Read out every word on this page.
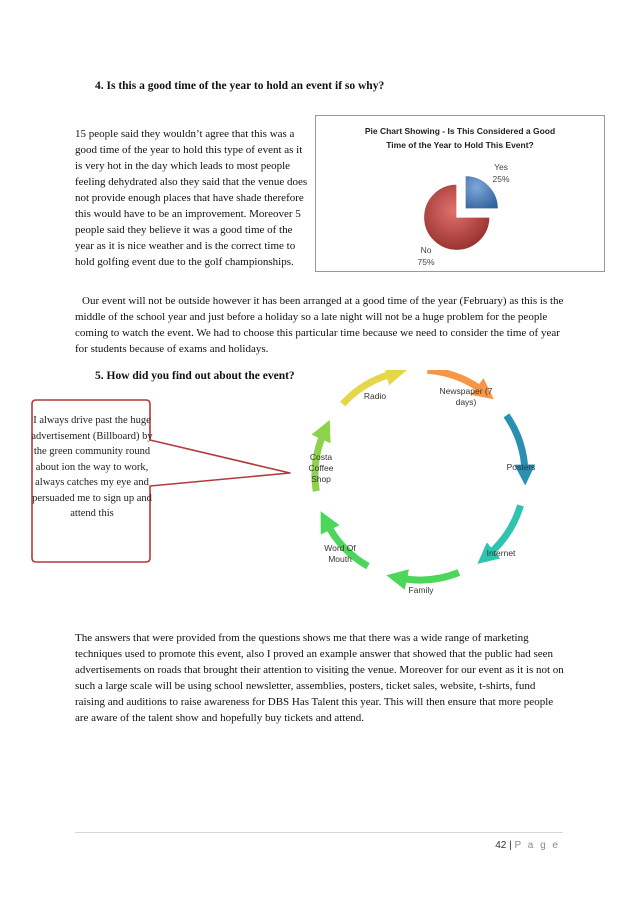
4. Is this a good time of the year to hold an event if so why?

15 people said they wouldn’t agree that this was a good time of the year to hold this type of event as it is very hot in the day which leads to most people feeling dehydrated also they said that the venue does not provide enough places that have shade therefore this would have to be an improvement. Moreover 5 people said they believe it was a good time of the year as it is nice weather and is the correct time to hold golfing event due to the golf championships.

Pie Chart Showing - Is This Considered a Good Time of the Year to Hold This Event?
Yes
25%
No
75%

Our event will not be outside however it has been arranged at a good time of the year (February) as this is the middle of the school year and just before a holiday so a late night will not be a huge problem for the people coming to watch the event. We had to choose this particular time because we need to consider the time of year for students because of exams and holidays.

5. How did you find out about the event?
I always drive past the huge advertisement (Billboard) by the green community round about ion the way to work, always catches my eye and persuaded me to sign up and attend this
Newspaper (7 days)
Posters
Internet
Family
Word Of Mouth
Costa Coffee Shop
Radio

The answers that were provided from the questions shows me that there was a wide range of marketing techniques used to promote this event, also I proved an example answer that showed that the public had seen advertisements on roads that brought their attention to visiting the venue. Moreover for our event as it is not on such a large scale will be using school newsletter, assemblies, posters, ticket sales, website, t-shirts, fund raising and auditions to raise awareness for DBS Has Talent this year. This will then ensure that more people are aware of the talent show and hopefully buy tickets and attend.

42 | P a g e
